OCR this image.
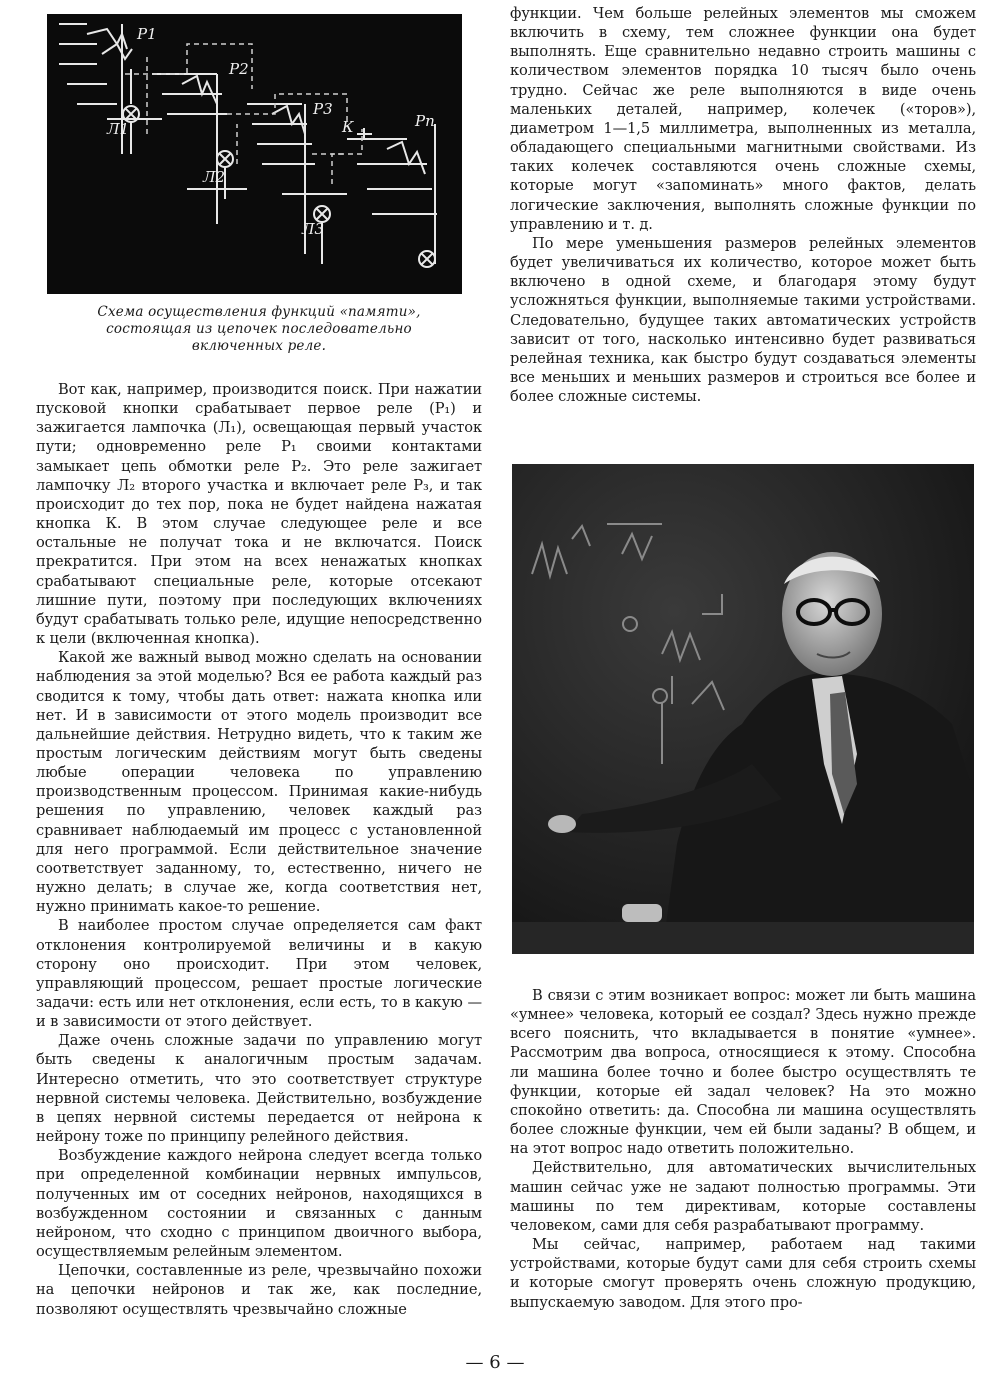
Р1
Р2
Р3
Рn
К
Л1
Л2
Л3
Схема осуществления функций «памяти»,
состоящая из цепочек последовательно
включенных реле.

Вот как, например, производится поиск. При нажатии пусковой кнопки срабатывает первое реле (Р₁) и зажигается лампочка (Л₁), освещающая первый участок пути; одновременно реле Р₁ своими контактами замыкает цепь обмотки реле Р₂. Это реле зажигает лампочку Л₂ второго участка и включает реле Р₃, и так происходит до тех пор, пока не будет найдена нажатая кнопка К. В этом случае следующее реле и все остальные не получат тока и не включатся. Поиск прекратится. При этом на всех ненажатых кнопках срабатывают специальные реле, которые отсекают лишние пути, поэтому при последующих включениях будут срабатывать только реле, идущие непосредственно к цели (включенная кнопка).

Какой же важный вывод можно сделать на основании наблюдения за этой моделью? Вся ее работа каждый раз сводится к тому, чтобы дать ответ: нажата кнопка или нет. И в зависимости от этого модель производит все дальнейшие действия. Нетрудно видеть, что к таким же простым логическим действиям могут быть сведены любые операции человека по управлению производственным процессом. Принимая какие-нибудь решения по управлению, человек каждый раз сравнивает наблюдаемый им процесс с установленной для него программой. Если действительное значение соответствует заданному, то, естественно, ничего не нужно делать; в случае же, когда соответствия нет, нужно принимать какое-то решение.

В наиболее простом случае определяется сам факт отклонения контролируемой величины и в какую сторону оно происходит. При этом человек, управляющий процессом, решает простые логические задачи: есть или нет отклонения, если есть, то в какую — и в зависимости от этого действует.

Даже очень сложные задачи по управлению могут быть сведены к аналогичным простым задачам. Интересно отметить, что это соответствует структуре нервной системы человека. Действительно, возбуждение в цепях нервной системы передается от нейрона к нейрону тоже по принципу релейного действия.

Возбуждение каждого нейрона следует всегда только при определенной комбинации нервных импульсов, полученных им от соседних нейронов, находящихся в возбужденном состоянии и связанных с данным нейроном, что сходно с принципом двоичного выбора, осуществляемым релейным элементом.

Цепочки, составленные из реле, чрезвычайно похожи на цепочки нейронов и так же, как последние, позволяют осуществлять чрезвычайно сложные

функции. Чем больше релейных элементов мы сможем включить в схему, тем сложнее функции она будет выполнять. Еще сравнительно недавно строить машины с количеством элементов порядка 10 тысяч было очень трудно. Сейчас же реле выполняются в виде очень маленьких деталей, например, колечек («торов»), диаметром 1—1,5 миллиметра, выполненных из металла, обладающего специальными магнитными свойствами. Из таких колечек составляются очень сложные схемы, которые могут «запоминать» много фактов, делать логические заключения, выполнять сложные функции по управлению и т. д.

По мере уменьшения размеров релейных элементов будет увеличиваться их количество, которое может быть включено в одной схеме, и благодаря этому будут усложняться функции, выполняемые такими устройствами. Следовательно, будущее таких автоматических устройств зависит от того, насколько интенсивно будет развиваться релейная техника, как быстро будут создаваться элементы все меньших и меньших размеров и строиться все более и более сложные системы.

В связи с этим возникает вопрос: может ли быть машина «умнее» человека, который ее создал? Здесь нужно прежде всего пояснить, что вкладывается в понятие «умнее». Рассмотрим два вопроса, относящиеся к этому. Способна ли машина более точно и более быстро осуществлять те функции, которые ей задал человек? На это можно спокойно ответить: да. Способна ли машина осуществлять более сложные функции, чем ей были заданы? В общем, и на этот вопрос надо ответить положительно.

Действительно, для автоматических вычислительных машин сейчас уже не задают полностью программы. Эти машины по тем директивам, которые составлены человеком, сами для себя разрабатывают программу.

Мы сейчас, например, работаем над такими устройствами, которые будут сами для себя строить схемы и которые смогут проверять очень сложную продукцию, выпускаемую заводом. Для этого про-

— 6 —
